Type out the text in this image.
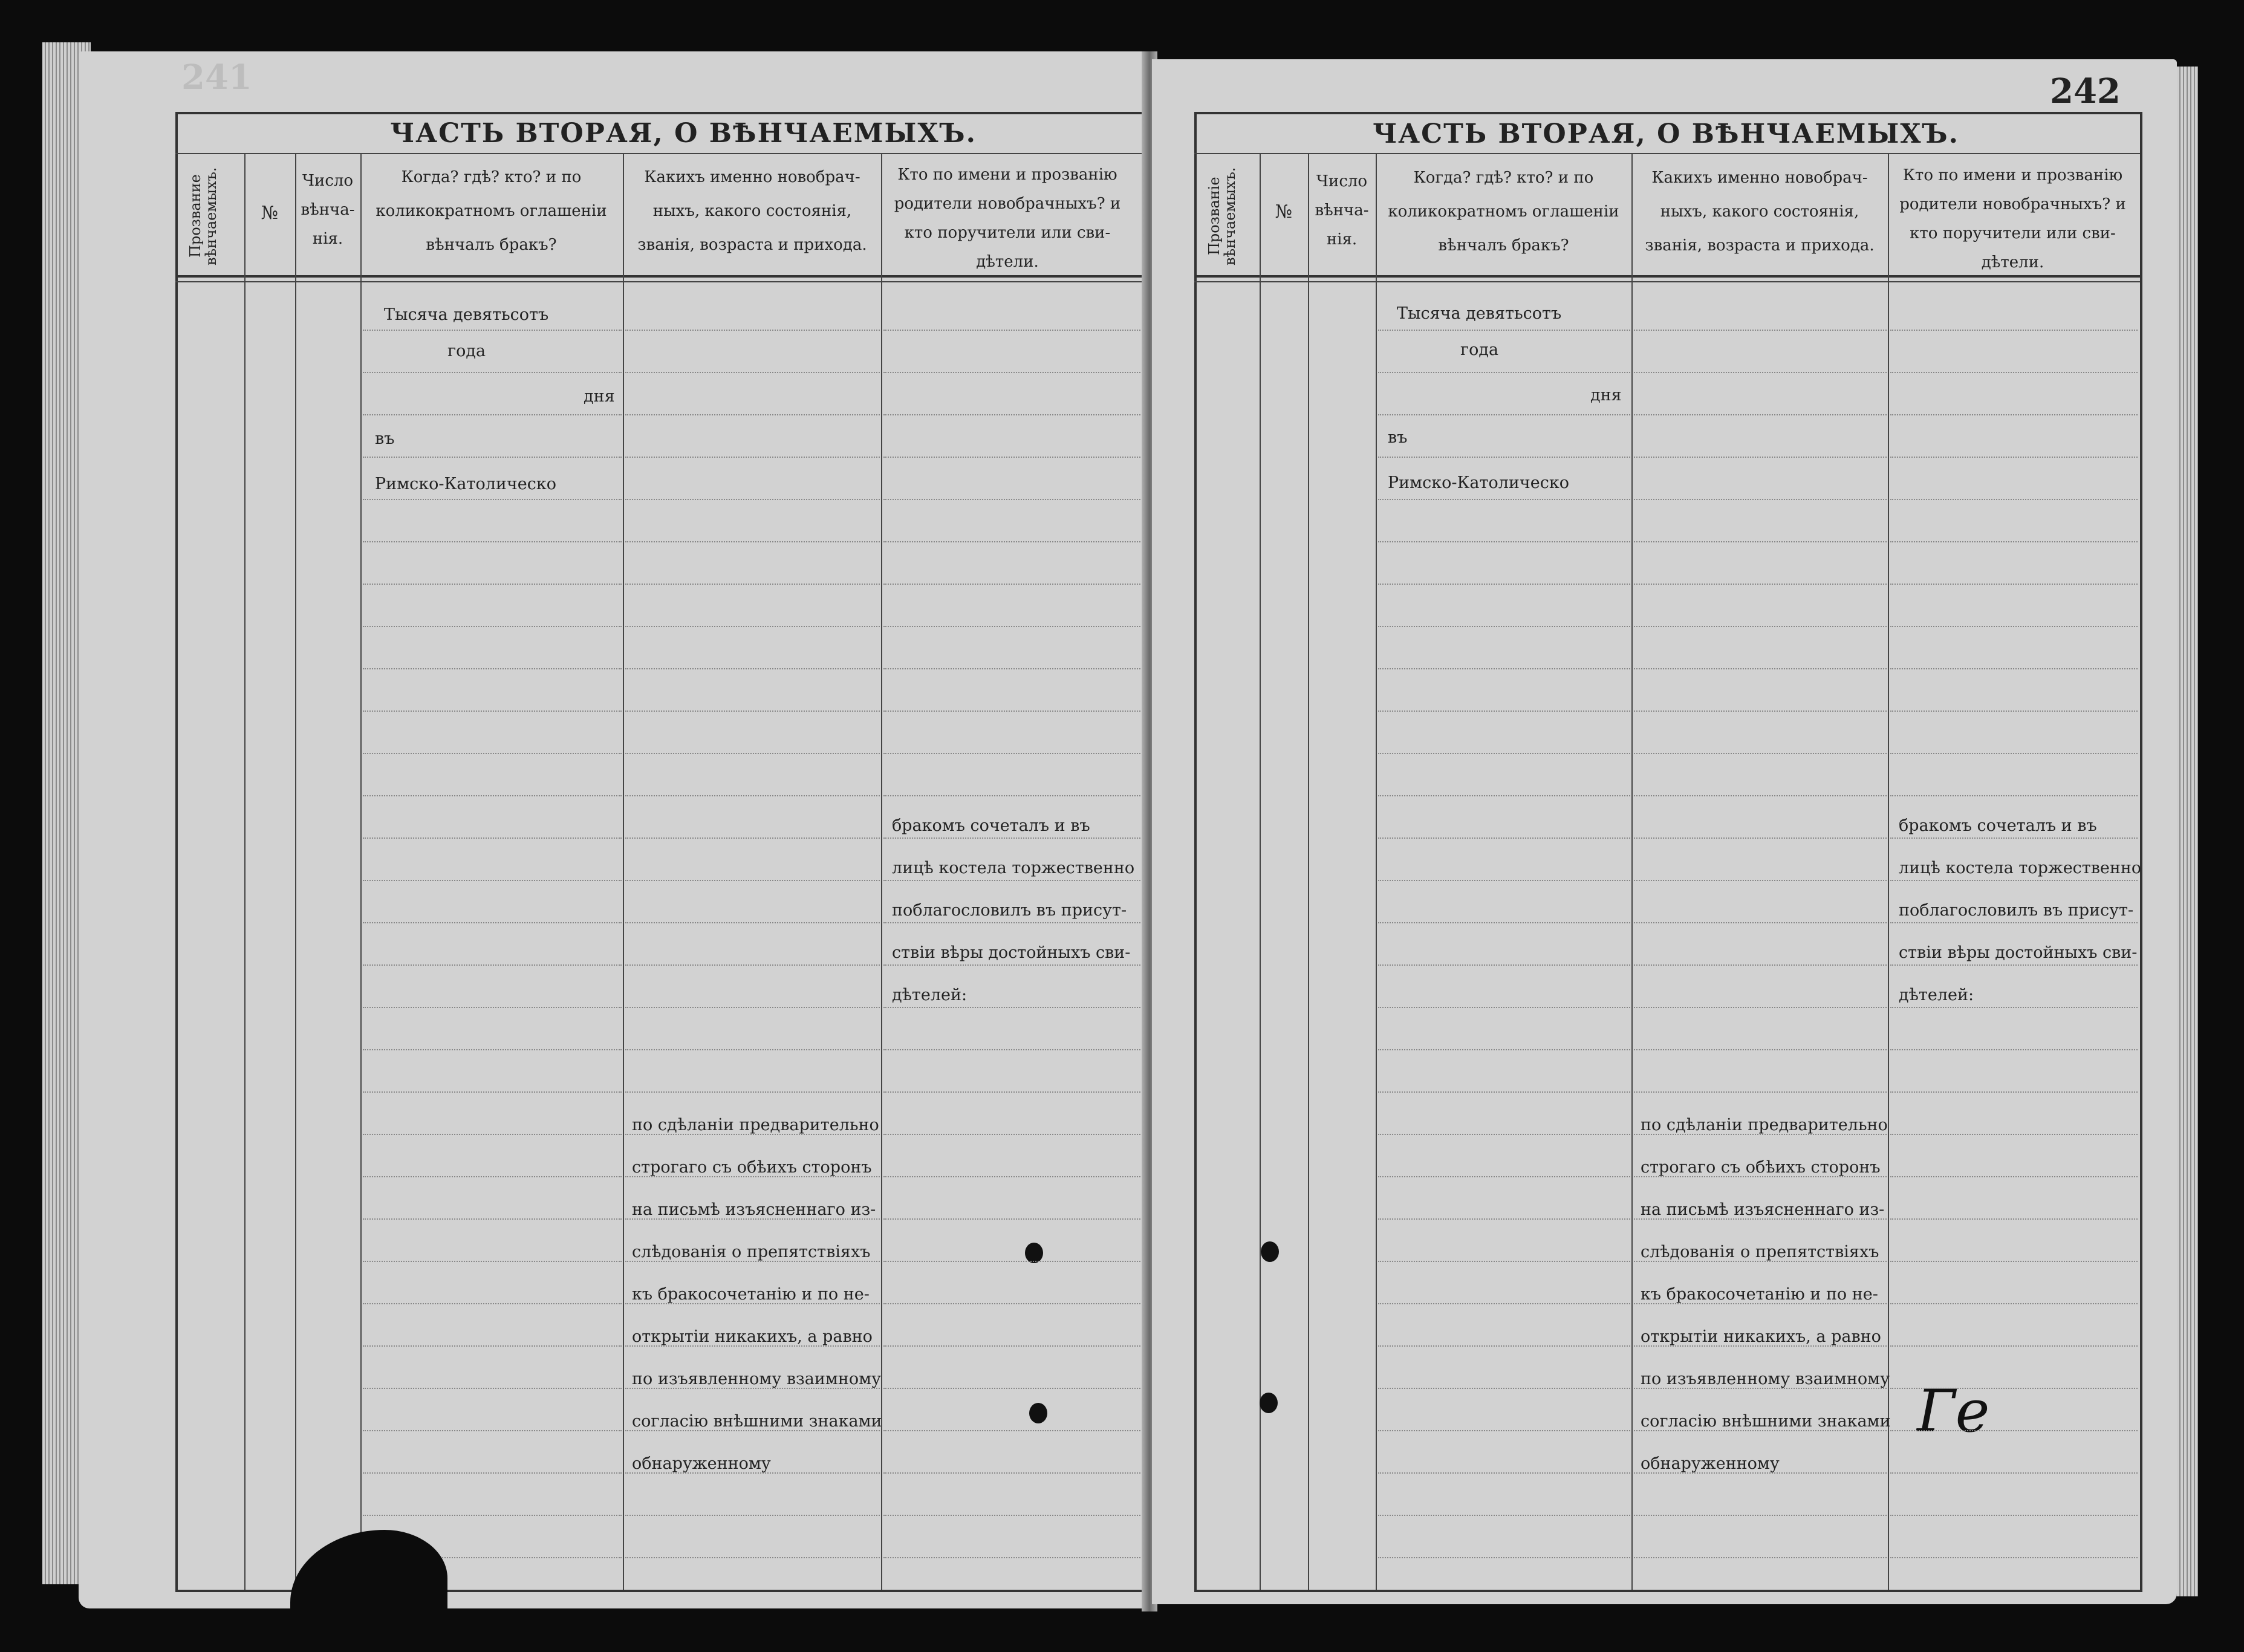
241
ЧАСТЬ ВТОРАЯ, О ВѢНЧАЕМЫХЪ.
Прозвание вѣнчаемыхъ.	№
Число вѣнча-нія.
Когда? гдѣ? кто? и по коликократномъ оглашеніи вѣнчалъ бракъ?
Какихъ именно новобрач-ныхъ, какого состоянія, званія, возраста и прихода.
Кто по имени и прозванію родители новобрачныхъ? и кто поручители или сви-дѣтели.
Тысяча девятьсотъ
года
дня
въ
Римско-Католическо
бракомъ сочеталъ и въ
лицѣ костела торжественно
поблагословилъ въ присут-
ствіи вѣры достойныхъ сви-
дѣтелей:
по сдѣланіи предварительно
строгаго съ обѣихъ сторонъ
на письмѣ изъясненнаго из-
слѣдованія о препятствіяхъ
къ бракосочетанію и по не-
открытіи никакихъ, а равно
по изъявленному взаимному
согласію внѣшними знаками
обнаруженному
242
ЧАСТЬ ВТОРАЯ, О ВѢНЧАЕМЫХЪ.
Прозваніе вѣнчаемыхъ.	№
Число вѣнча-нія.
Когда? гдѣ? кто? и по коликократномъ оглашеніи вѣнчалъ бракъ?
Какихъ именно новобрач-ныхъ, какого состоянія, званія, возраста и прихода.
Кто по имени и прозванію родители новобрачныхъ? и кто поручители или сви-дѣтели.
Тысяча девятьсотъ
года
дня
въ
Римско-Католическо
бракомъ сочеталъ и въ
лицѣ костела торжественно
поблагословилъ въ присут-
ствіи вѣры достойныхъ сви-
дѣтелей:
по сдѣланіи предварительно
строгаго съ обѣихъ сторонъ
на письмѣ изъясненнаго из-
слѣдованія о препятствіяхъ
къ бракосочетанію и по не-
открытіи никакихъ, а равно
по изъявленному взаимному
согласію внѣшними знаками
обнаруженному
Ге
